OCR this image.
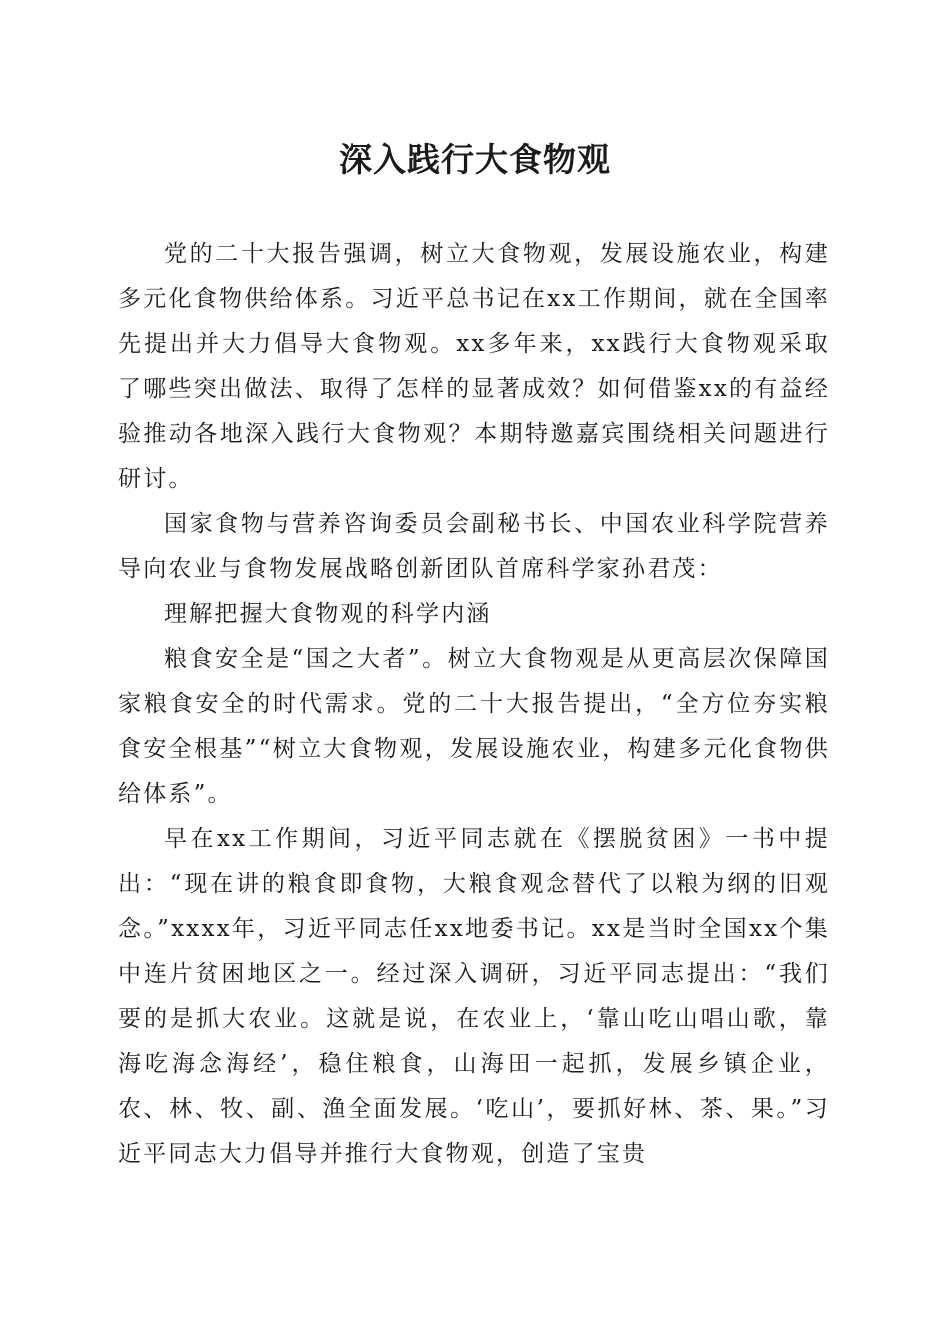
深入践行大食物观

党的二十大报告强调，树立大食物观，发展设施农业，构建多元化食物供给体系。习近平总书记在xx工作期间，就在全国率先提出并大力倡导大食物观。xx多年来，xx践行大食物观采取了哪些突出做法、取得了怎样的显著成效？如何借鉴xx的有益经验推动各地深入践行大食物观？本期特邀嘉宾围绕相关问题进行研讨。

国家食物与营养咨询委员会副秘书长、中国农业科学院营养导向农业与食物发展战略创新团队首席科学家孙君茂：

理解把握大食物观的科学内涵

粮食安全是“国之大者”。树立大食物观是从更高层次保障国家粮食安全的时代需求。党的二十大报告提出，“全方位夯实粮食安全根基”“树立大食物观，发展设施农业，构建多元化食物供给体系”。

早在xx工作期间，习近平同志就在《摆脱贫困》一书中提出：“现在讲的粮食即食物，大粮食观念替代了以粮为纲的旧观念。”xxxx年，习近平同志任xx地委书记。xx是当时全国xx个集中连片贫困地区之一。经过深入调研，习近平同志提出：“我们要的是抓大农业。这就是说，在农业上，‘靠山吃山唱山歌，靠海吃海念海经’，稳住粮食，山海田一起抓，发展乡镇企业，农、林、牧、副、渔全面发展。‘吃山’，要抓好林、茶、果。”习近平同志大力倡导并推行大食物观，创造了宝贵
